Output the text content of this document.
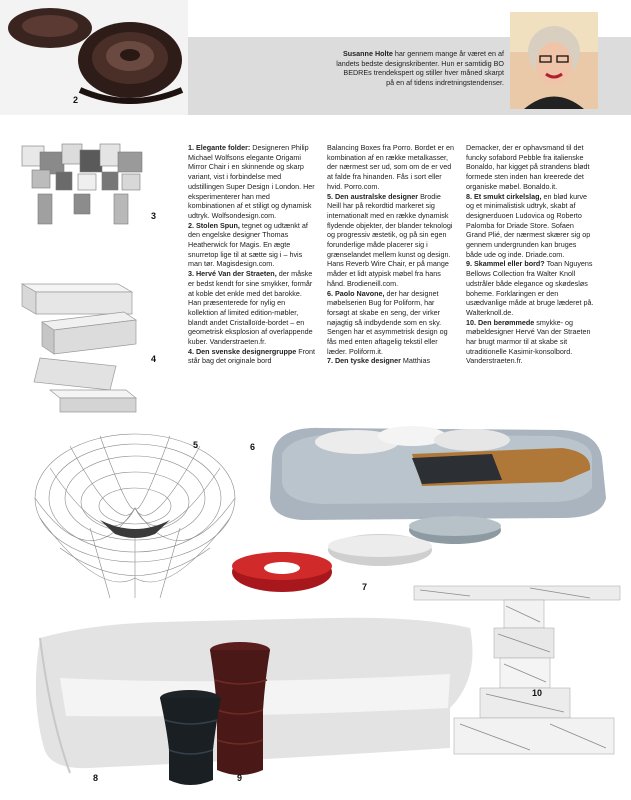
2

Susanne Holte har gennem mange år været en af landets bedste designskribenter. Hun er samtidig BO BEDREs trendekspert og stiller hver måned skarpt på en af tidens indretningstendenser.

3
4

1. Elegante folder: Designeren Philip Michael Wolfsons elegante Origami Mirror Chair i en skinnende og skarp variant, vist i forbindelse med udstillingen Super Design i London. Her eksperimenterer han med kombinationen af et stiligt og dynamisk udtryk. Wolfsondesign.com.

2. Stolen Spun, tegnet og udtænkt af den engelske designer Thomas Heatherwick for Magis. En ægte snurretop lige til at sætte sig i – hvis man tør. Magisdesign.com.

3. Hervé Van der Straeten, der måske er bedst kendt for sine smykker, formår at koble det enkle med det barokke. Han præsenterede for nylig en kollektion af limited edition-møbler, blandt andet Cristalloïde-bordet – en geometrisk eksplosion af overlappende kuber. Vanderstraeten.fr.

4. Den svenske designergruppe Front står bag det originale bord

Balancing Boxes fra Porro. Bordet er en kombination af en række metalkasser, der nærmest ser ud, som om de er ved at falde fra hinanden. Fås i sort eller hvid. Porro.com.

5. Den australske designer Brodie Neill har på rekordtid markeret sig internationalt med en række dynamisk flydende objekter, der blander teknologi og progressiv æstetik, og på sin egen forunderlige måde placerer sig i grænselandet mellem kunst og design. Hans Reverb Wire Chair, er på mange måder et lidt atypisk møbel fra hans hånd. Brodieneill.com.

6. Paolo Navone, der har designet møbelserien Bug for Poliform, har forsøgt at skabe en seng, der virker nøjagtig så indbydende som en sky. Sengen har et asymmetrisk design og fås med enten aftagelig tekstil eller læder. Poliform.it.

7. Den tyske designer Matthias

Demacker, der er ophavsmand til det funcky sofabord Pebble fra italienske Bonaldo, har kigget på strandens blødt formede sten inden han kreerede det organiske møbel. Bonaldo.it.

8. Et smukt cirkelslag, en blød kurve og et minimalistisk udtryk, skabt af designerduoen Ludovica og Roberto Palomba for Driade Store. Sofaen Grand Plié, der nærmest skærer sig op gennem undergrunden kan bruges både ude og inde. Driade.com.

9. Skammel eller bord? Toan Nguyens Bellows Collection fra Walter Knoll udstråler både elegance og skødesløs boheme. Forklaringen er den usædvanlige måde at bruge læderet på. Walterknoll.de.

10. Den berømmede smykke- og møbeldesigner Hervé Van der Straeten har brugt marmor til at skabe sit utraditionelle Kasimir-konsolbord. Vanderstraeten.fr.

5	6
7
8	9
10
